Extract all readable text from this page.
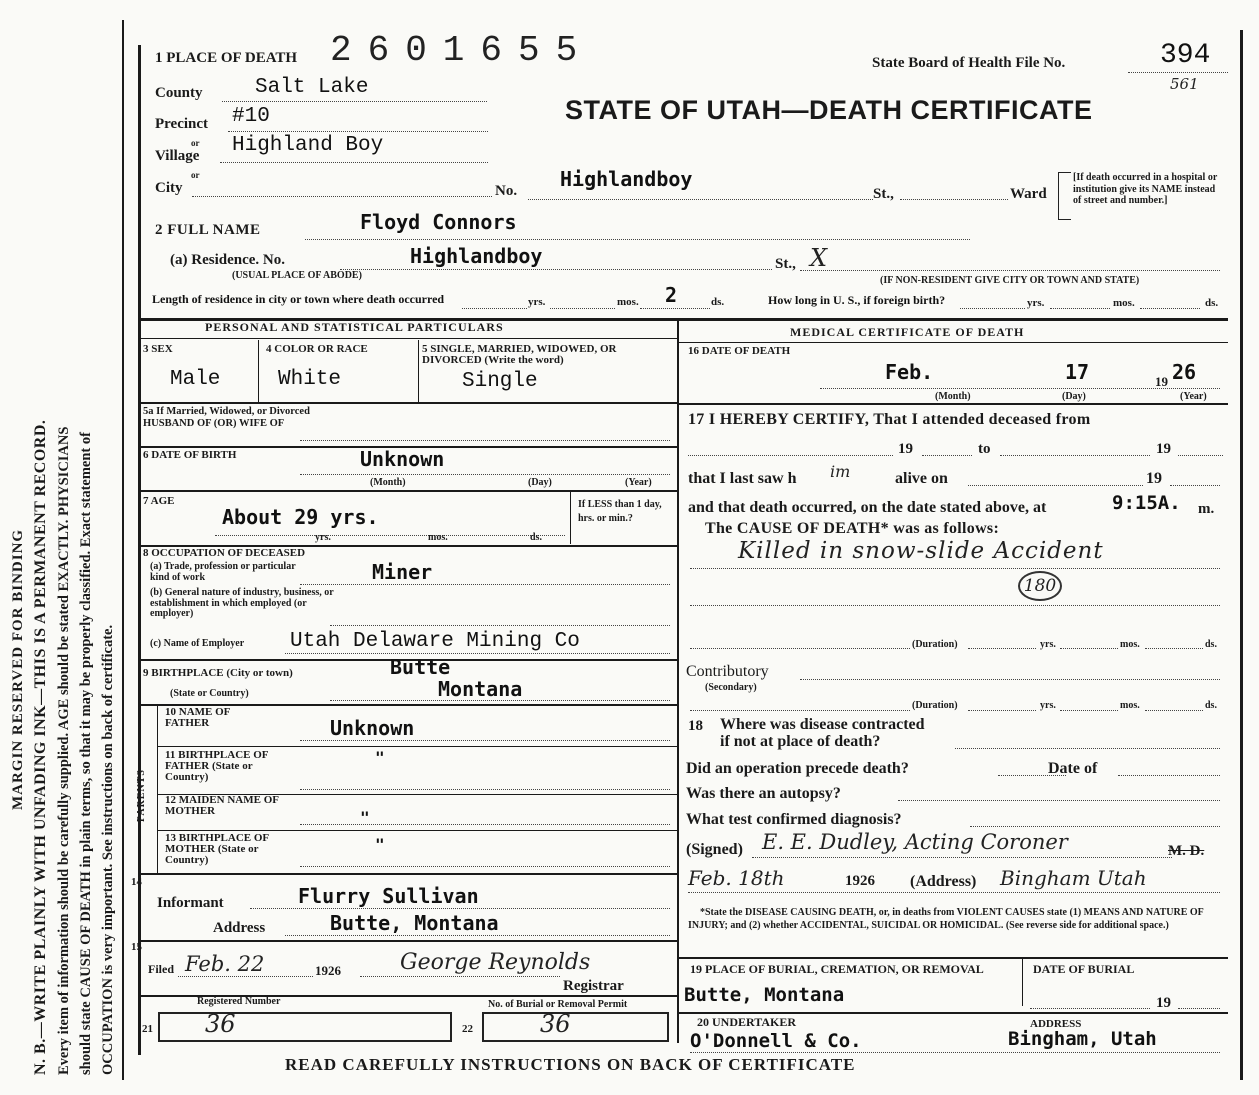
MARGIN RESERVED FOR BINDING N. B.—WRITE PLAINLY WITH UNFADING INK—THIS IS A PERMANENT RECORD. Every item of information should be carefully supplied. AGE should be stated EXACTLY. PHYSICIANS should state CAUSE OF DEATH in plain terms, so that it may be properly classified. Exact statement of OCCUPATION is very important. See instructions on back of certificate.
1 PLACE OF DEATH 2601655	State Board of Health File No.	394
561
STATE OF UTAH—DEATH CERTIFICATE
County Salt Lake
Precinct #10
or
Village Highland Boy
or
City	No. Highlandboy
St.,	Ward
[If death occurred in a hospital or institution give its NAME instead of street and number.]
2 FULL NAME	Floyd Connors
(a) Residence. No.
(USUAL PLACE OF ABODE)
Highlandboy	St., X
(IF NON-RESIDENT GIVE CITY OR TOWN AND STATE)
Length of residence in city or town where death occurred	yrs.	mos. 2	ds.	How long in U. S., if foreign birth?	yrs.	mos.	ds.
PERSONAL AND STATISTICAL PARTICULARS	MEDICAL CERTIFICATE OF DEATH
3 SEX
Male
4 COLOR OR RACE
White
5 SINGLE, MARRIED, WIDOWED, OR DIVORCED (Write the word)
Single
5a If Married, Widowed, or Divorced HUSBAND OF (OR) WIFE OF
6 DATE OF BIRTH	Unknown
(Month)	(Day)	(Year)
7 AGE
About 29 yrs.
yrs.	mos.	ds.
If LESS than 1 day, hrs. or min.?
8 OCCUPATION OF DECEASED
(a) Trade, profession or particular kind of work	Miner
(b) General nature of industry, business, or establishment in which employed (or employer)
(c) Name of Employer Utah Delaware Mining Co
9 BIRTHPLACE (City or town)
(State or Country)
Butte
Montana
PARENTS
10 NAME OF FATHER	Unknown
11 BIRTHPLACE OF FATHER (State or Country)
"
12 MAIDEN NAME OF MOTHER	"
13 BIRTHPLACE OF MOTHER (State or Country)
"
14
Informant	Flurry Sullivan
Address	Butte, Montana
15
Filed Feb. 22	1926	George Reynolds
Registrar
Registered Number
21 36
No. of Burial or Removal Permit
22	36
16 DATE OF DEATH
Feb.	17	19 26
(Month)	(Day)	(Year)
17 I HEREBY CERTIFY, That I attended deceased from
19	to	19
that I last saw h im	alive on	19
and that death occurred, on the date stated above, at	9:15A. m.
The CAUSE OF DEATH* was as follows:
Killed in snow-slide Accident
180
(Duration)	yrs.	mos.	ds.
Contributory
(Secondary)
(Duration)	yrs.	mos.	ds.
18 Where was disease contracted
if not at place of death?
Did an operation precede death?	Date of
Was there an autopsy?
What test confirmed diagnosis?
(Signed) E. E. Dudley, Acting Coroner	M. D.
Feb. 18th	1926 (Address) Bingham Utah
*State the DISEASE CAUSING DEATH, or, in deaths from VIOLENT CAUSES state (1) MEANS AND NATURE OF INJURY; and (2) whether ACCIDENTAL, SUICIDAL OR HOMICIDAL. (See reverse side for additional space.)
19 PLACE OF BURIAL, CREMATION, OR REMOVAL	DATE OF BURIAL
Butte, Montana	19
20 UNDERTAKER
O'Donnell & Co.
ADDRESS
Bingham, Utah
READ CAREFULLY INSTRUCTIONS ON BACK OF CERTIFICATE
